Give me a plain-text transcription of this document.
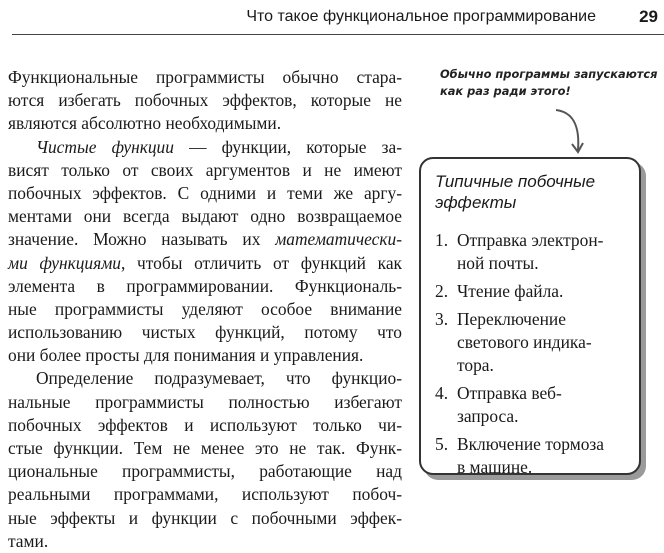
Что такое функциональное программирование	29
Функциональные программисты обычно стара-
ются избегать побочных эффектов, которые не
являются абсолютно необходимыми.
Чистые функции — функции, которые за-
висят только от своих аргументов и не имеют
побочных эффектов. С одними и теми же аргу-
ментами они всегда выдают одно возвращаемое
значение. Можно называть их математически-
ми функциями, чтобы отличить от функций как
элемента в программировании. Функциональ-
ные программисты уделяют особое внимание
использованию чистых функций, потому что
они более просты для понимания и управления.
Определение подразумевает, что функцио-
нальные программисты полностью избегают
побочных эффектов и используют только чи-
стые функции. Тем не менее это не так. Функ-
циональные программисты, работающие над
реальными программами, используют побоч-
ные эффекты и функции с побочными эффек-
тами.
Обычно программы запускаются
как раз ради этого!
Типичные побочные
эффекты
1. Отправка электрон-
ной почты.
2. Чтение файла.
3. Переключение
светового индика-
тора.
4. Отправка веб-
запроса.
5. Включение тормоза
в машине.
